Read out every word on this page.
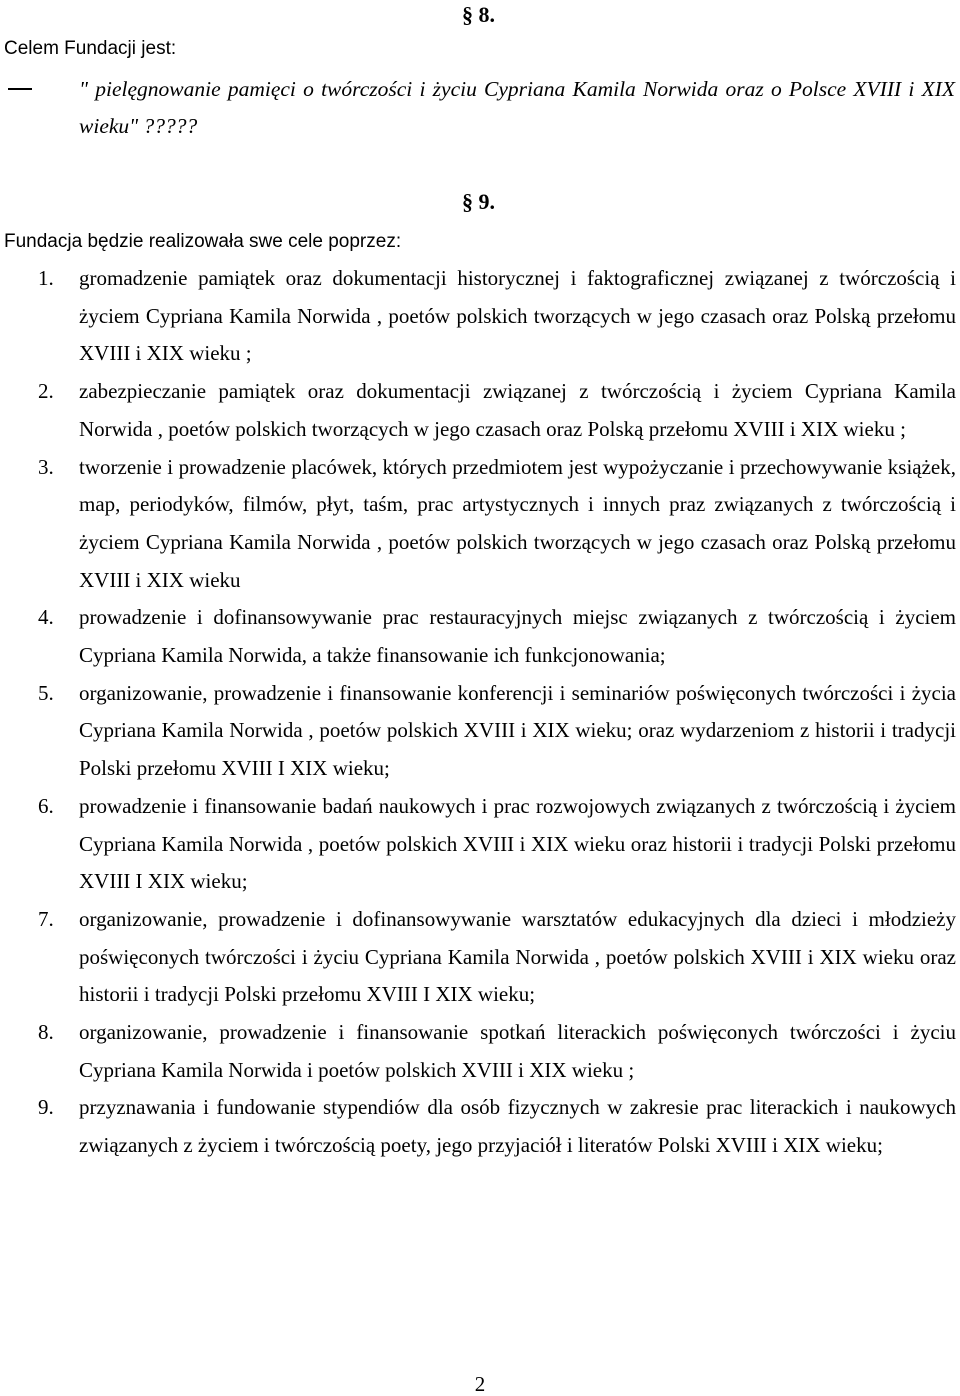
§ 8.
Celem Fundacji jest:
" pielęgnowanie pamięci o twórczości i życiu Cypriana Kamila Norwida oraz o Polsce XVIII i XIX wieku" ?????
§ 9.
Fundacja będzie realizowała swe cele poprzez:
1. gromadzenie pamiątek oraz dokumentacji historycznej i faktograficznej związanej z twórczością i życiem Cypriana Kamila Norwida , poetów polskich tworzących w jego czasach oraz Polską przełomu XVIII i XIX wieku ;
2. zabezpieczanie pamiątek oraz dokumentacji związanej z twórczością i życiem Cypriana Kamila Norwida , poetów polskich tworzących w jego czasach oraz Polską przełomu XVIII i XIX wieku ;
3. tworzenie i prowadzenie placówek, których przedmiotem jest wypożyczanie i przechowywanie książek, map, periodyków, filmów, płyt, taśm, prac artystycznych i innych praz związanych z twórczością i życiem Cypriana Kamila Norwida , poetów polskich tworzących w jego czasach oraz Polską przełomu XVIII i XIX wieku
4. prowadzenie i dofinansowywanie prac restauracyjnych miejsc związanych z twórczością i życiem Cypriana Kamila Norwida, a także finansowanie ich funkcjonowania;
5. organizowanie, prowadzenie i finansowanie konferencji i seminariów poświęconych twórczości i życia Cypriana Kamila Norwida , poetów polskich XVIII i XIX wieku; oraz wydarzeniom z historii i tradycji Polski przełomu XVIII I XIX wieku;
6. prowadzenie i finansowanie badań naukowych i prac rozwojowych związanych z twórczością i życiem Cypriana Kamila Norwida , poetów polskich XVIII i XIX wieku oraz historii i tradycji Polski przełomu XVIII I XIX wieku;
7. organizowanie, prowadzenie i dofinansowywanie warsztatów edukacyjnych dla dzieci i młodzieży poświęconych twórczości i życiu Cypriana Kamila Norwida , poetów polskich XVIII i XIX wieku oraz historii i tradycji Polski przełomu XVIII I XIX wieku;
8. organizowanie, prowadzenie i finansowanie spotkań literackich poświęconych twórczości i życiu Cypriana Kamila Norwida i poetów polskich XVIII i XIX wieku ;
9. przyznawania i fundowanie stypendiów dla osób fizycznych w zakresie prac literackich i naukowych związanych z życiem i twórczością poety, jego przyjaciół i literatów Polski XVIII i XIX wieku;
2
